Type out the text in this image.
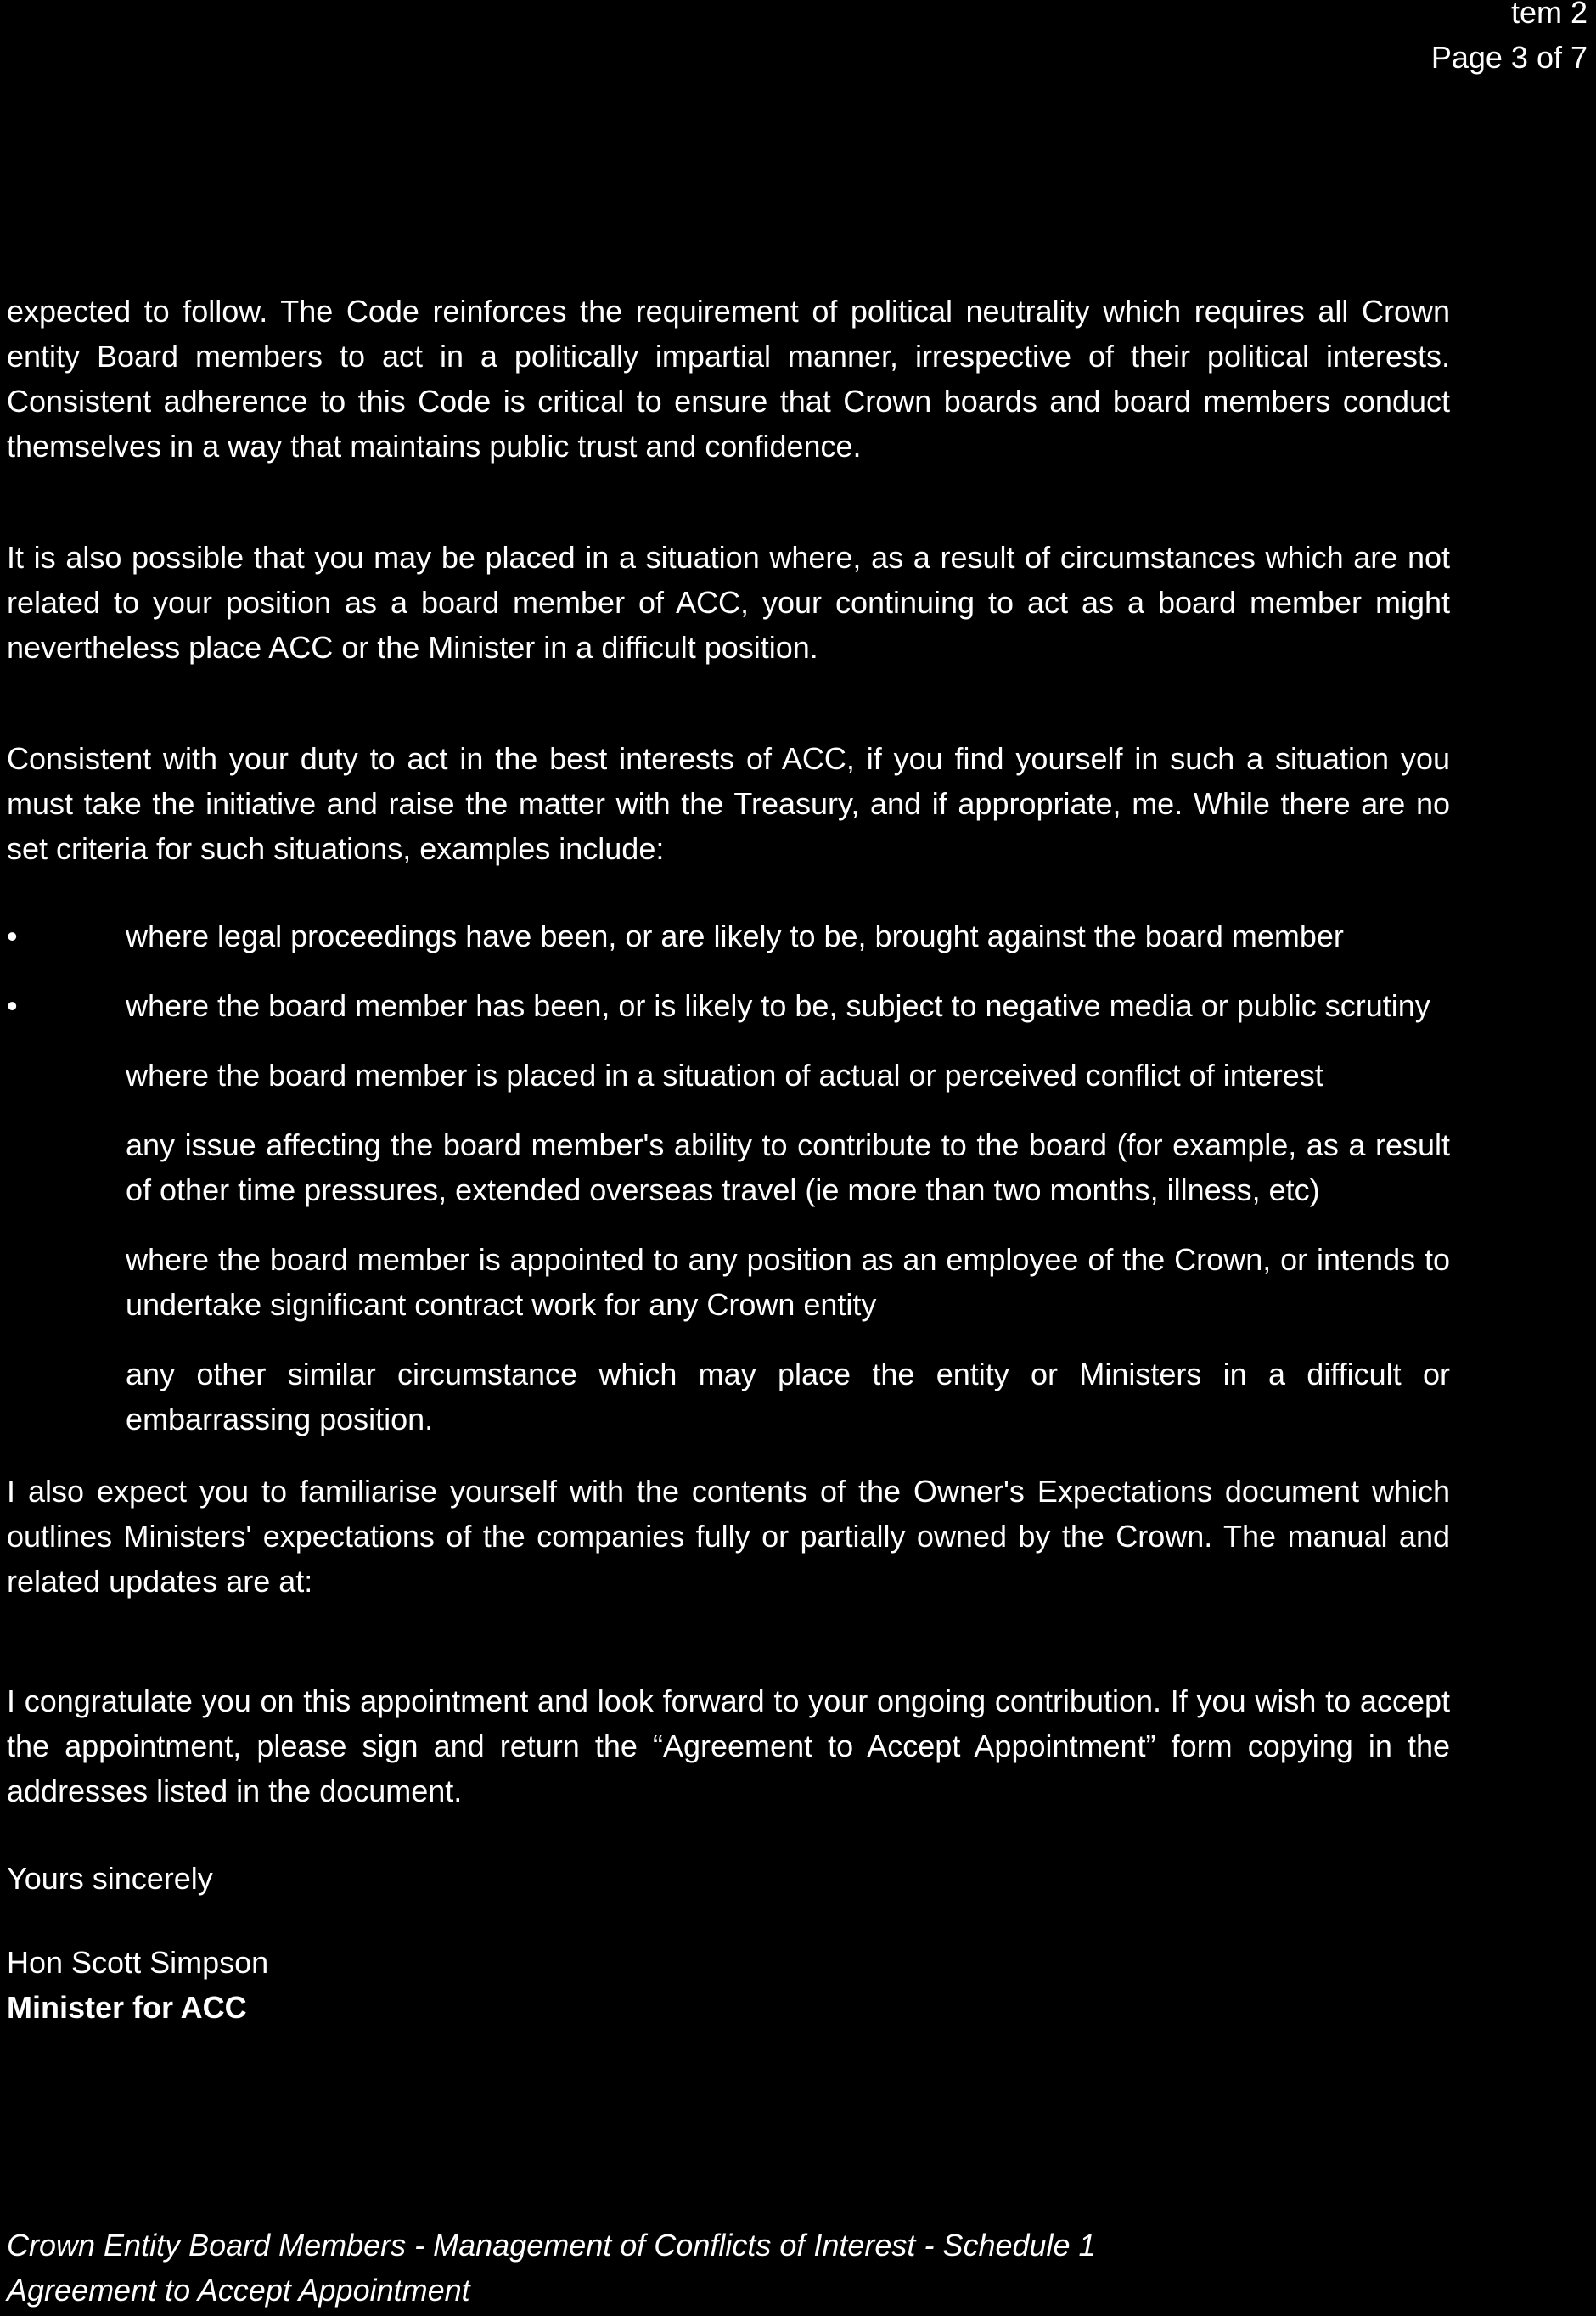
tem 2
Page 3 of 7

expected to follow. The Code reinforces the requirement of political neutrality which requires all Crown entity Board members to act in a politically impartial manner, irrespective of their political interests. Consistent adherence to this Code is critical to ensure that Crown boards and board members conduct themselves in a way that maintains public trust and confidence.

It is also possible that you may be placed in a situation where, as a result of circumstances which are not related to your position as a board member of ACC, your continuing to act as a board member might nevertheless place ACC or the Minister in a difficult position.

Consistent with your duty to act in the best interests of ACC, if you find yourself in such a situation you must take the initiative and raise the matter with the Treasury, and if appropriate, me. While there are no set criteria for such situations, examples include:

•	where legal proceedings have been, or are likely to be, brought against the board member
•	where the board member has been, or is likely to be, subject to negative media or public scrutiny
where the board member is placed in a situation of actual or perceived conflict of interest
any issue affecting the board member's ability to contribute to the board (for example, as a result of other time pressures, extended overseas travel (ie more than two months, illness, etc)
where the board member is appointed to any position as an employee of the Crown, or intends to undertake significant contract work for any Crown entity
any other similar circumstance which may place the entity or Ministers in a difficult or embarrassing position.

I also expect you to familiarise yourself with the contents of the Owner's Expectations document which outlines Ministers' expectations of the companies fully or partially owned by the Crown. The manual and related updates are at:

I congratulate you on this appointment and look forward to your ongoing contribution. If you wish to accept the appointment, please sign and return the “Agreement to Accept Appointment” form copying in the addresses listed in the document.

Yours sincerely

Hon Scott Simpson
Minister for ACC
Crown Entity Board Members - Management of Conflicts of Interest - Schedule 1
Agreement to Accept Appointment
